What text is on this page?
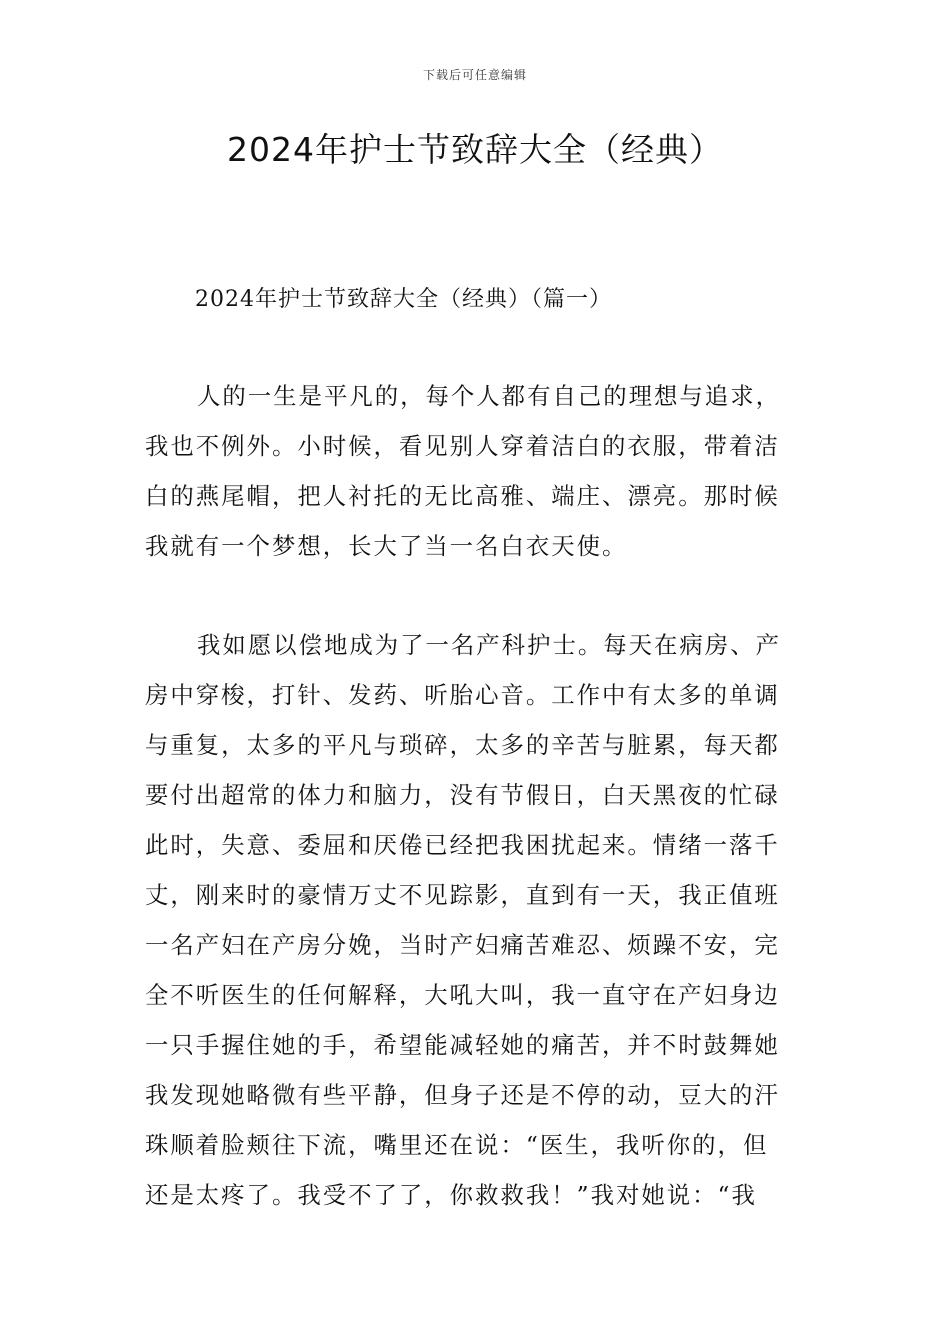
下载后可任意编辑
2024年护士节致辞大全（经典）
2024年护士节致辞大全（经典）（篇一）
人的一生是平凡的，每个人都有自己的理想与追求，
我也不例外。小时候，看见别人穿着洁白的衣服，带着洁
白的燕尾帽，把人衬托的无比高雅、端庄、漂亮。那时候
我就有一个梦想，长大了当一名白衣天使。
我如愿以偿地成为了一名产科护士。每天在病房、产
房中穿梭，打针、发药、听胎心音。工作中有太多的单调
与重复，太多的平凡与琐碎，太多的辛苦与脏累，每天都
要付出超常的体力和脑力，没有节假日，白天黑夜的忙碌
此时，失意、委屈和厌倦已经把我困扰起来。情绪一落千
丈，刚来时的豪情万丈不见踪影，直到有一天，我正值班
一名产妇在产房分娩，当时产妇痛苦难忍、烦躁不安，完
全不听医生的任何解释，大吼大叫，我一直守在产妇身边
一只手握住她的手，希望能减轻她的痛苦，并不时鼓舞她
我发现她略微有些平静，但身子还是不停的动，豆大的汗
珠顺着脸颊往下流，嘴里还在说：“医生，我听你的，但
还是太疼了。我受不了了，你救救我！”我对她说：“我
